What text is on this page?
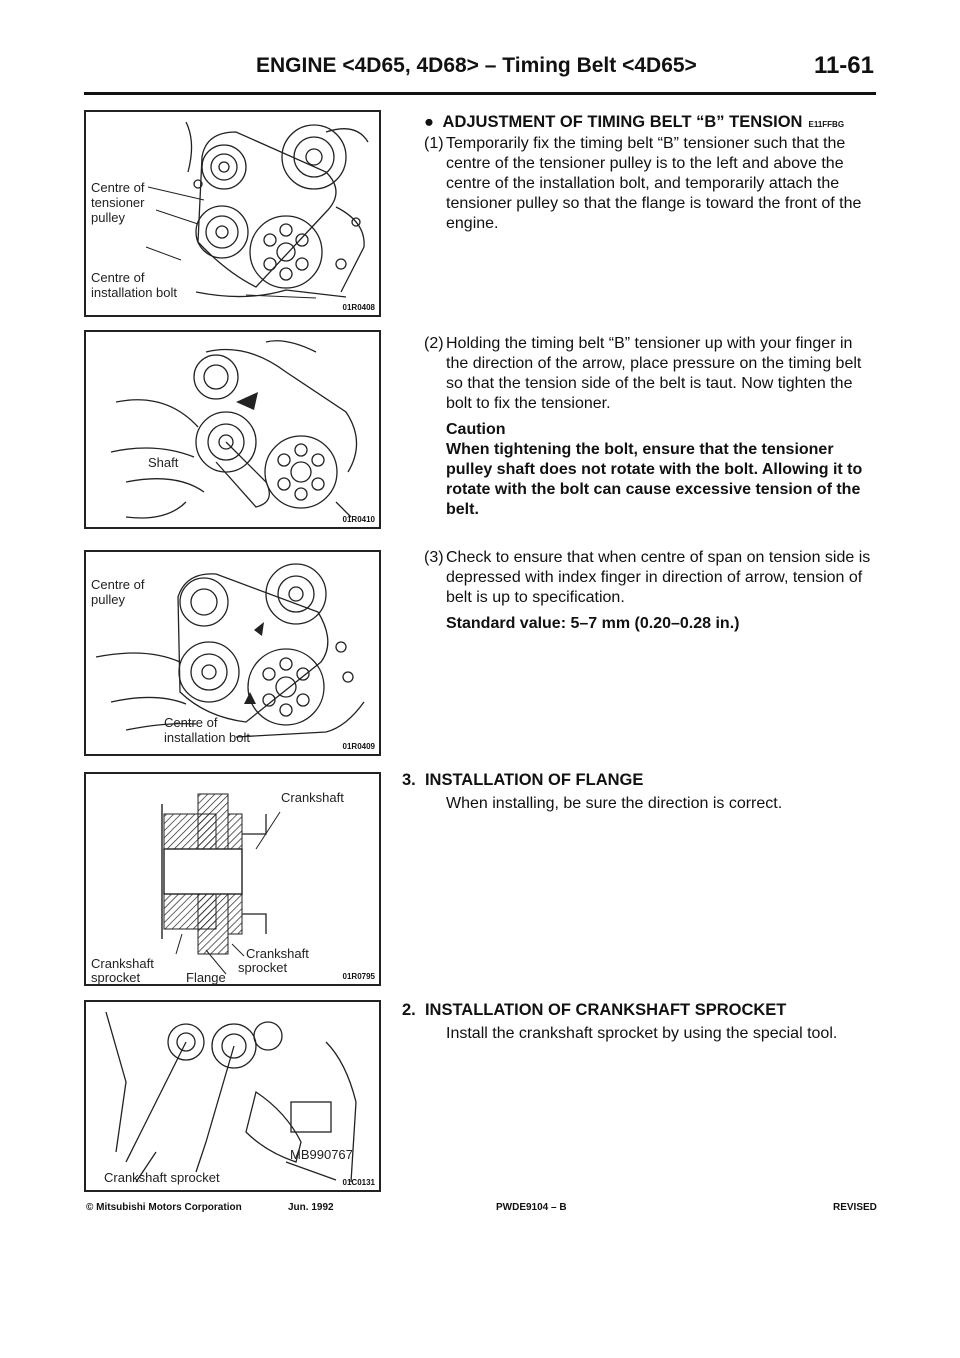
ENGINE <4D65, 4D68> – Timing Belt <4D65>	11-61
Centre of
tensioner
pulley
Centre of
installation bolt
01R0408
Shaft
01R0410
Centre of
pulley
Centre of
installation bolt
01R0409
Crankshaft
Crankshaft
sprocket
Crankshaft
sprocket
Flange	01R0795
MB990767
Crankshaft sprocket	01C0131
● ADJUSTMENT OF TIMING BELT “B” TENSION E11FFBG
(1) Temporarily fix the timing belt “B” tensioner such that the centre of the tensioner pulley is to the left and above the centre of the installation bolt, and temporarily attach the tensioner pulley so that the flange is toward the front of the engine.
(2) Holding the timing belt “B” tensioner up with your finger in the direction of the arrow, place pressure on the timing belt so that the tension side of the belt is taut. Now tighten the bolt to fix the tensioner.
Caution
When tightening the bolt, ensure that the tensioner pulley shaft does not rotate with the bolt. Allowing it to rotate with the bolt can cause excessive tension of the belt.
(3) Check to ensure that when centre of span on tension side is depressed with index finger in direction of arrow, tension of belt is up to specification.
Standard value: 5–7 mm (0.20–0.28 in.)
3. INSTALLATION OF FLANGE
When installing, be sure the direction is correct.
2. INSTALLATION OF CRANKSHAFT SPROCKET
Install the crankshaft sprocket by using the special tool.
© Mitsubishi Motors Corporation	Jun. 1992	PWDE9104 – B	REVISED
